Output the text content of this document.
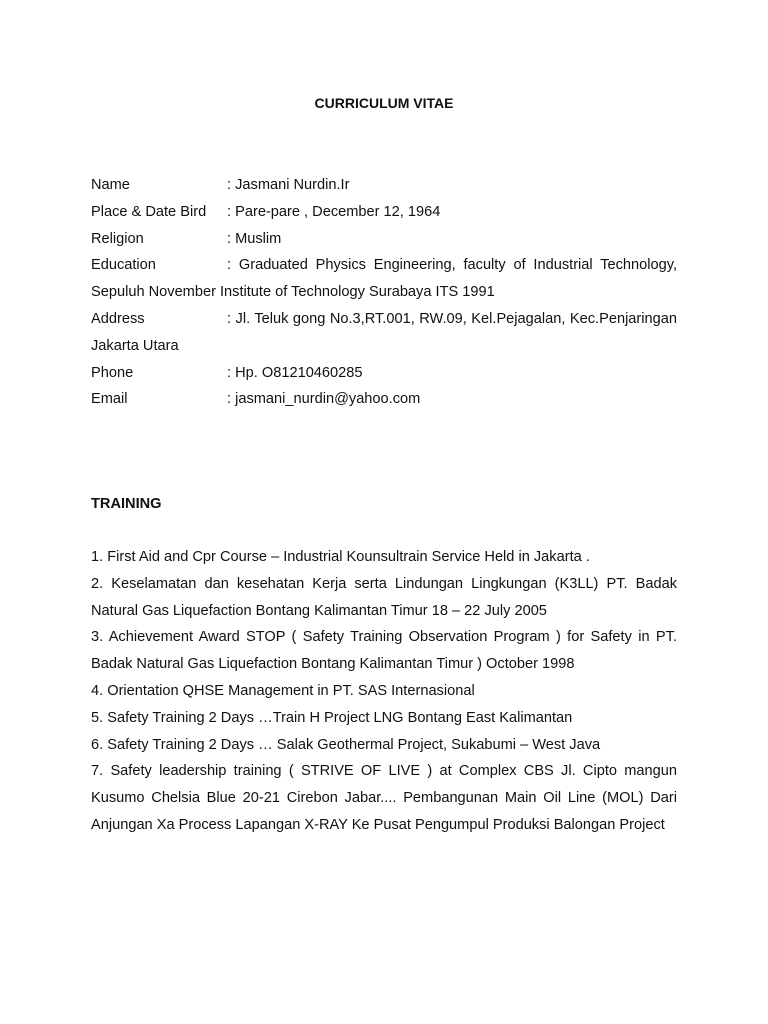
CURRICULUM VITAE

Name	: Jasmani Nurdin.Ir

Place & Date Bird : Pare-pare , December 12, 1964

Religion	: Muslim

Education	: Graduated Physics Engineering, faculty of Industrial Technology, Sepuluh November Institute of Technology Surabaya ITS 1991

Address	: Jl. Teluk gong No.3,RT.001, RW.09, Kel.Pejagalan, Kec.Penjaringan Jakarta Utara

Phone	: Hp. O81210460285

Email	: jasmani_nurdin@yahoo.com

TRAINING
1. First Aid and Cpr Course – Industrial Kounsultrain Service Held in Jakarta .
2. Keselamatan dan kesehatan Kerja serta Lindungan Lingkungan (K3LL) PT. Badak Natural Gas Liquefaction Bontang Kalimantan Timur 18 – 22 July 2005
3. Achievement Award STOP ( Safety Training Observation Program ) for Safety in PT. Badak Natural Gas Liquefaction Bontang Kalimantan Timur ) October 1998
4. Orientation QHSE Management in PT. SAS Internasional
5. Safety Training 2 Days …Train H Project LNG Bontang East Kalimantan
6. Safety Training 2 Days … Salak Geothermal Project, Sukabumi – West Java
7. Safety leadership training ( STRIVE OF LIVE ) at Complex CBS Jl. Cipto mangun Kusumo Chelsia Blue 20-21 Cirebon Jabar.... Pembangunan Main Oil Line (MOL) Dari Anjungan Xa Process Lapangan X-RAY Ke Pusat Pengumpul Produksi Balongan Project
